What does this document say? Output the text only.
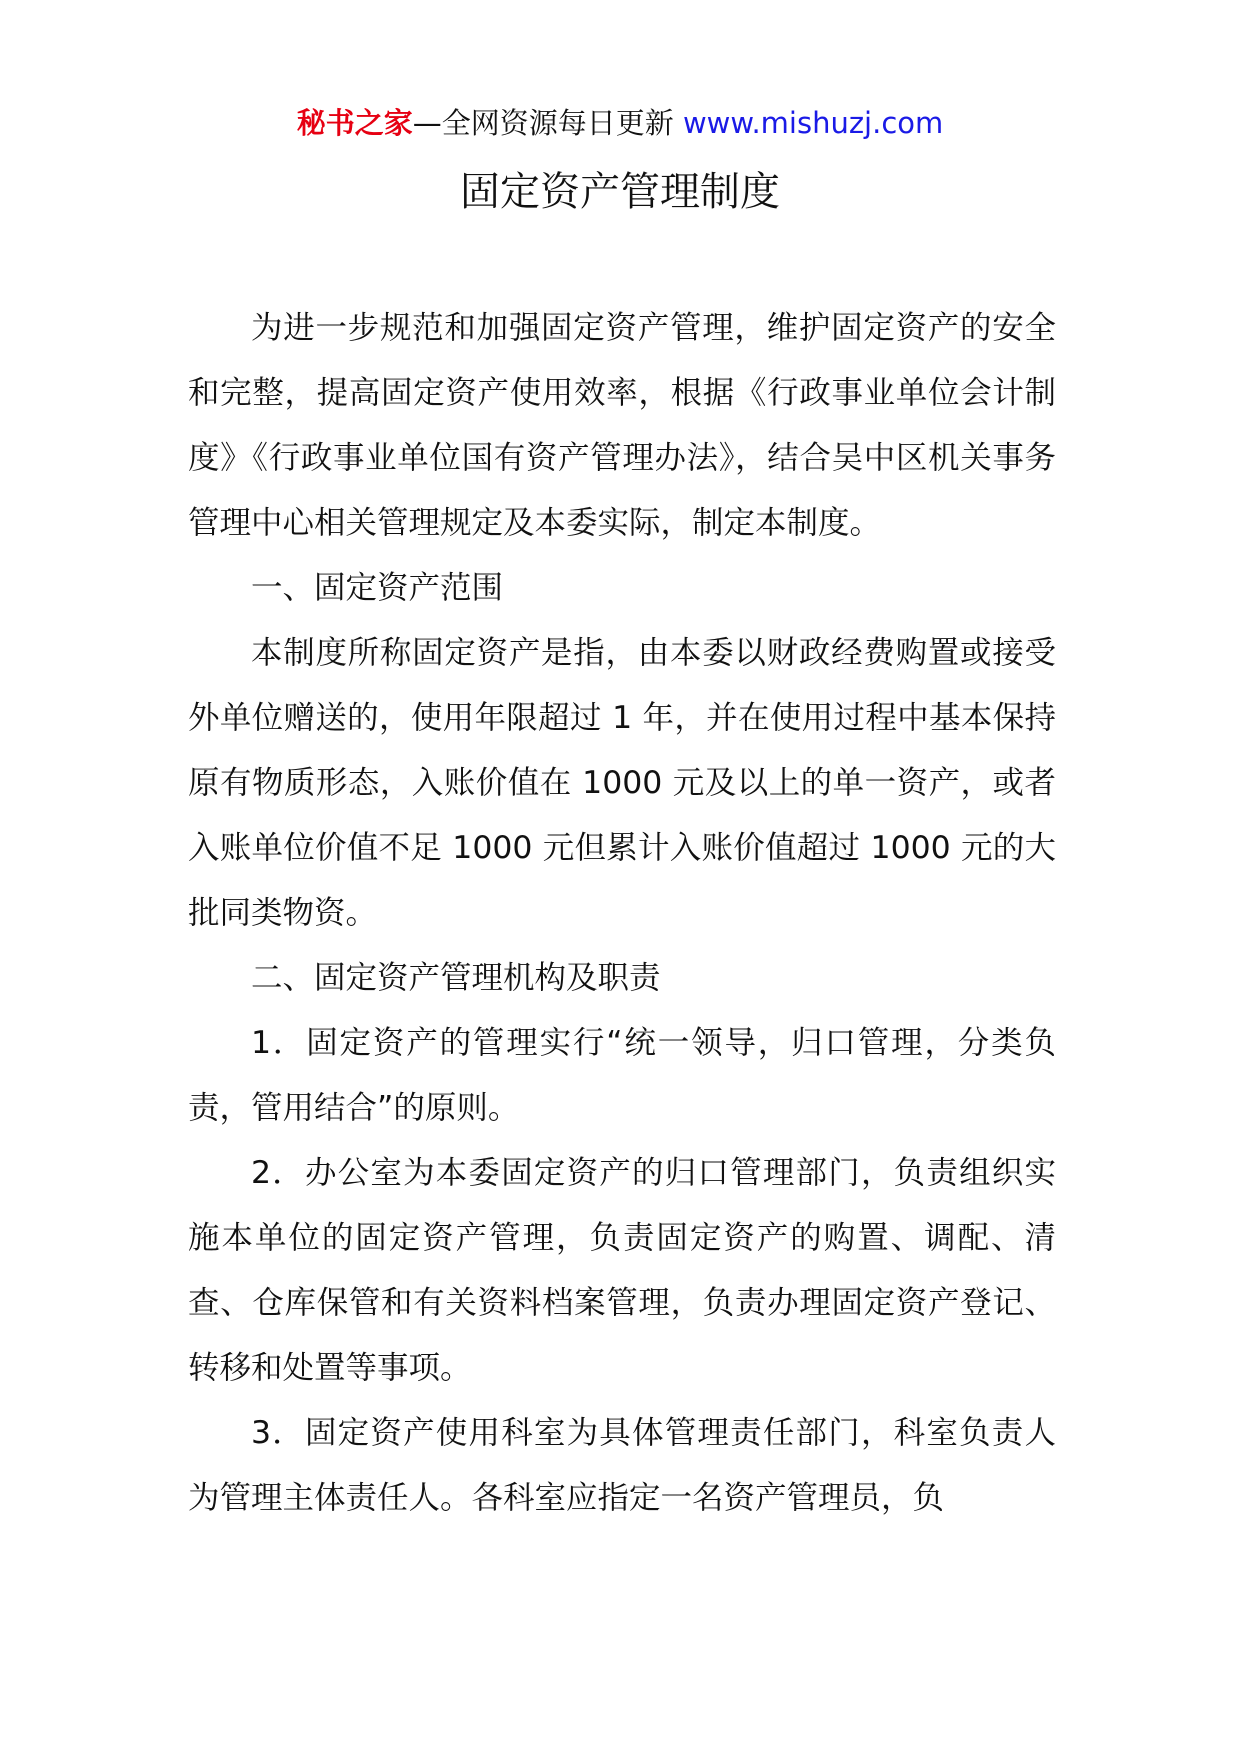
秘书之家—全网资源每日更新 www.mishuzj.com
固定资产管理制度

为进一步规范和加强固定资产管理，维护固定资产的安全和完整，提高固定资产使用效率，根据《行政事业单位会计制度》《行政事业单位国有资产管理办法》，结合吴中区机关事务管理中心相关管理规定及本委实际，制定本制度。

一、固定资产范围

本制度所称固定资产是指，由本委以财政经费购置或接受外单位赠送的，使用年限超过 1 年，并在使用过程中基本保持原有物质形态，入账价值在 1000 元及以上的单一资产，或者入账单位价值不足 1000 元但累计入账价值超过 1000 元的大批同类物资。

二、固定资产管理机构及职责

1．固定资产的管理实行“统一领导，归口管理，分类负责，管用结合”的原则。

2．办公室为本委固定资产的归口管理部门，负责组织实施本单位的固定资产管理，负责固定资产的购置、调配、清查、仓库保管和有关资料档案管理，负责办理固定资产登记、转移和处置等事项。

3．固定资产使用科室为具体管理责任部门，科室负责人为管理主体责任人。各科室应指定一名资产管理员，负
